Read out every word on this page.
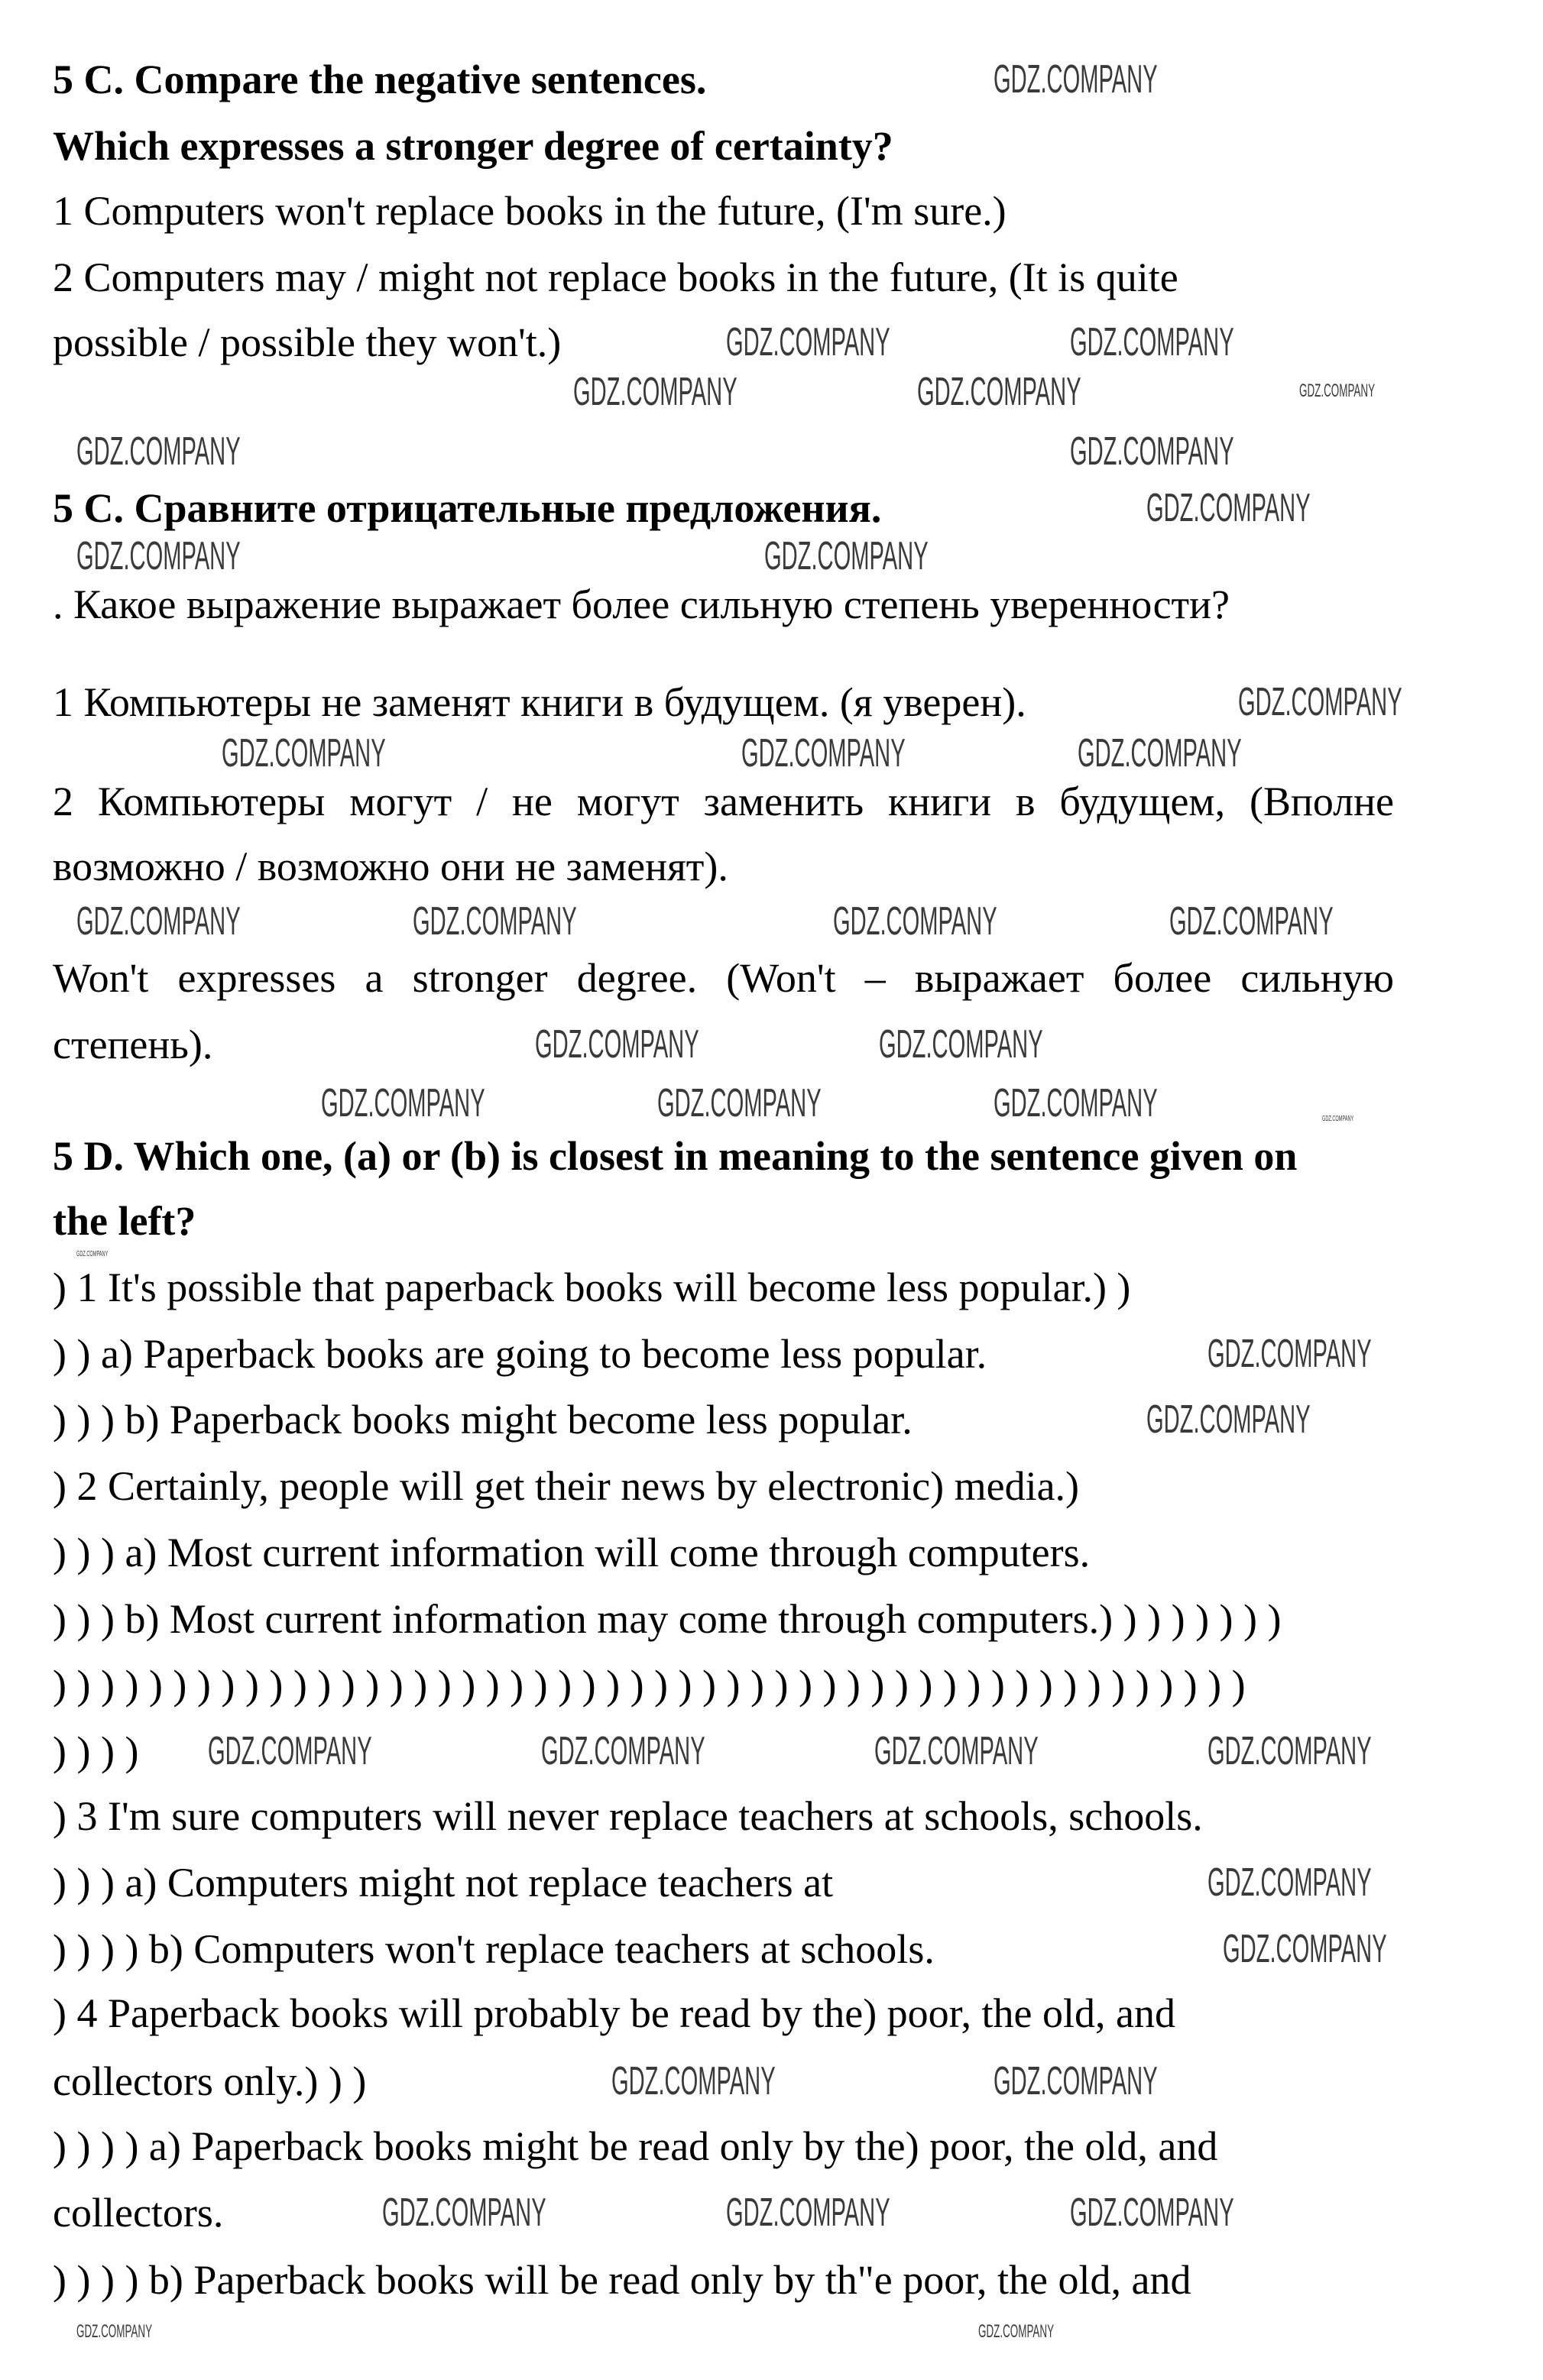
5 C. Compare the negative sentences.
Which expresses a stronger degree of certainty?
1 Computers won't replace books in the future, (I'm sure.)
2 Computers may / might not replace books in the future, (It is quite
possible / possible they won't.)
5 C. Сравните отрицательные предложения.
. Какое выражение выражает более сильную степень уверенности?
1 Компьютеры не заменят книги в будущем. (я уверен).
2 Компьютеры могут / не могут заменить книги в будущем, (Вполне
возможно / возможно они не заменят).
Won't expresses a stronger degree. (Won't – выражает более сильную
степень).
5 D. Which one, (a) or (b) is closest in meaning to the sentence given on
the left?
) 1 It's possible that paperback books will become less popular.) )
) ) a) Paperback books are going to become less popular.
) ) ) b) Paperback books might become less popular.
) 2 Certainly, people will get their news by electronic) media.)
) ) ) a) Most current information will come through computers.
) ) ) b) Most current information may come through computers.) ) ) ) ) ) ) )
) ) ) ) ) ) ) ) ) ) ) ) ) ) ) ) ) ) ) ) ) ) ) ) ) ) ) ) ) ) ) ) ) ) ) ) ) ) ) ) ) ) ) ) ) ) ) ) ) )
) ) ) )
) 3 I'm sure computers will never replace teachers at schools, schools.
) ) ) a) Computers might not replace teachers at
) ) ) ) b) Computers won't replace teachers at schools.
) 4 Paperback books will probably be read by the) poor, the old, and
collectors only.) ) )
) ) ) ) a) Paperback books might be read only by the) poor, the old, and
collectors.
) ) ) ) b) Paperback books will be read only by th"e poor, the old, and
GDZ.COMPANY
GDZ.COMPANY	GDZ.COMPANY
GDZ.COMPANY	GDZ.COMPANY
GDZ.COMPANY	GDZ.COMPANY
GDZ.COMPANY
GDZ.COMPANY
GDZ.COMPANY	GDZ.COMPANY
GDZ.COMPANY
GDZ.COMPANY	GDZ.COMPANY	GDZ.COMPANY
GDZ.COMPANY	GDZ.COMPANY	GDZ.COMPANY	GDZ.COMPANY
GDZ.COMPANY	GDZ.COMPANY
GDZ.COMPANY	GDZ.COMPANY	GDZ.COMPANY
GDZ.COMPANY
GDZ.COMPANY
GDZ.COMPANY
GDZ.COMPANY
GDZ.COMPANY	GDZ.COMPANY	GDZ.COMPANY	GDZ.COMPANY
GDZ.COMPANY
GDZ.COMPANY
GDZ.COMPANY	GDZ.COMPANY
GDZ.COMPANY	GDZ.COMPANY	GDZ.COMPANY
GDZ.COMPANY	GDZ.COMPANY
